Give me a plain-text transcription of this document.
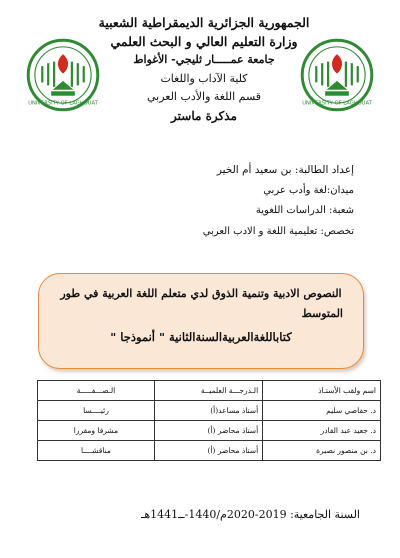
UNIVERSITY OF LAGHOUAT	UNIVERSITY OF LAGHOUAT
الجمهورية الجزائرية الديمقراطية الشعبية
وزارة التعليم العالي و البحث العلمي
جامعة عمـــــار ثليجي- الأغواط
كلية الآداب واللغات
قسم اللغة والأدب العربي
مذكرة ماستر
إعداد الطالبة: بن سعيد أم الخير
ميدان:لغة وأدب عربي
شعبة: الدراسات اللغوية
تخصص: تعليمية اللغة و الادب العربي
النصوص الادبية وتنمية الذوق لدي متعلم اللغة العربية في طور
المتوسط
كتاباللغةالعربيةالسنةالثانية " أنموذجا "
اسم ولقب الأستـاذ	الـدرجـــة العلميــة	الـصـــفـــــة
د. حفاصي سليم	أستاذ مساعد(أ)	رئيــــسا
د. جعيد عبد القادر	أستاذ محاضر (أ)	مشرفا ومقررا
د. بن منصور نصيرة	أستاذ محاضر (أ)	مناقشــــا
السنة الجامعية: 2019-2020م/1440-ــ1441هـ
